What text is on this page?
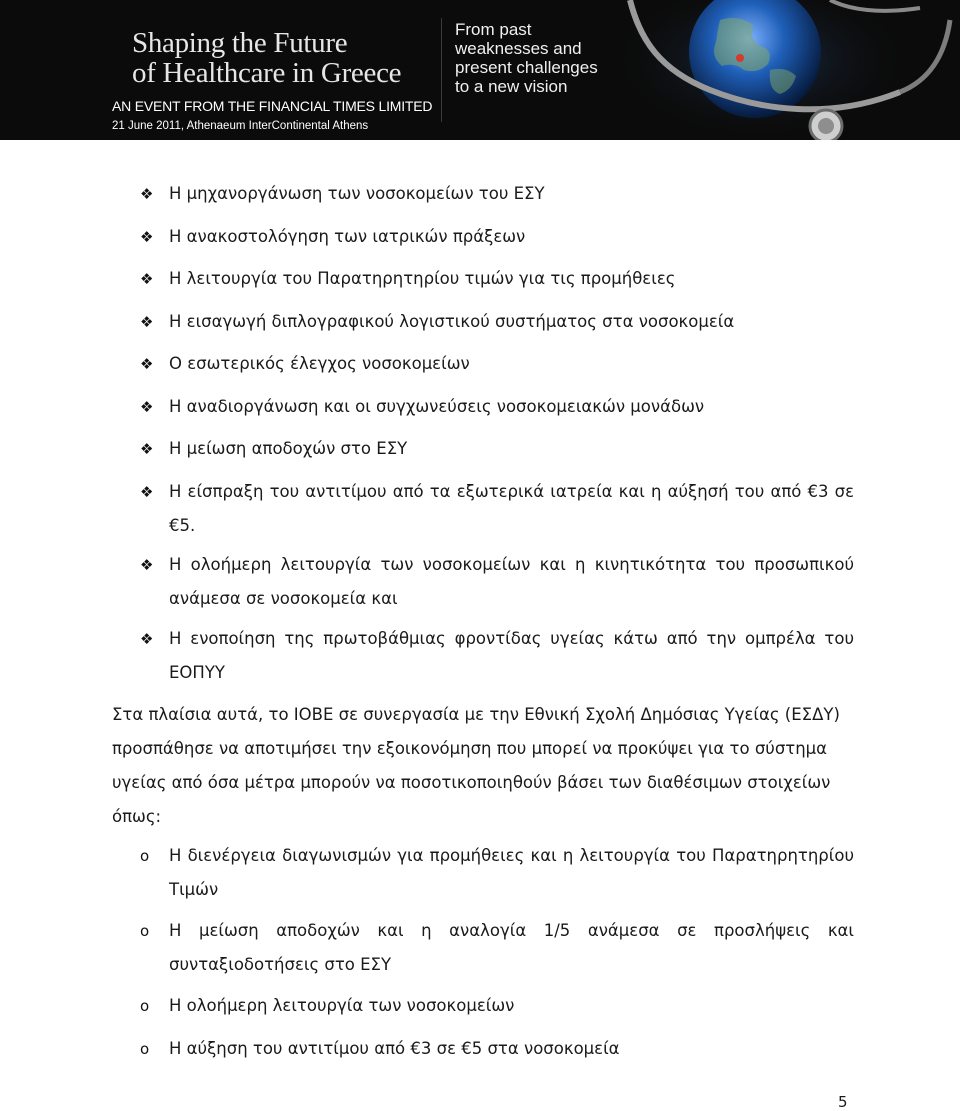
Shaping the Future
of Healthcare in Greece
AN EVENT FROM THE FINANCIAL TIMES LIMITED
21 June 2011, Athenaeum InterContinental Athens
From past
weaknesses and
present challenges
to a new vision
❖ Η μηχανοργάνωση των νοσοκομείων του ΕΣΥ
❖ Η ανακοστολόγηση των ιατρικών πράξεων
❖ Η λειτουργία του Παρατηρητηρίου τιμών για τις προμήθειες
❖ Η εισαγωγή διπλογραφικού λογιστικού συστήματος στα νοσοκομεία
❖ Ο εσωτερικός έλεγχος νοσοκομείων
❖ Η αναδιοργάνωση και οι συγχωνεύσεις νοσοκομειακών μονάδων
❖ Η μείωση αποδοχών στο ΕΣΥ
❖ Η είσπραξη του αντιτίμου από τα εξωτερικά ιατρεία και η αύξησή του από €3 σε €5.
❖ Η ολοήμερη λειτουργία των νοσοκομείων και η κινητικότητα του προσωπικού ανάμεσα σε νοσοκομεία και
❖ Η ενοποίηση της πρωτοβάθμιας φροντίδας υγείας κάτω από την ομπρέλα του ΕΟΠΥΥ

Στα πλαίσια αυτά, το ΙΟΒΕ σε συνεργασία με την Εθνική Σχολή Δημόσιας Υγείας (ΕΣΔΥ) προσπάθησε να αποτιμήσει την εξοικονόμηση που μπορεί να προκύψει για το σύστημα υγείας από όσα μέτρα μπορούν να ποσοτικοποιηθούν βάσει των διαθέσιμων στοιχείων όπως:

o	Η διενέργεια διαγωνισμών για προμήθειες και η λειτουργία του Παρατηρητηρίου Τιμών
o	Η μείωση αποδοχών και η αναλογία 1/5 ανάμεσα σε προσλήψεις και συνταξιοδοτήσεις στο ΕΣΥ
o	Η ολοήμερη λειτουργία των νοσοκομείων
o	Η αύξηση του αντιτίμου από €3 σε €5 στα νοσοκομεία
5
